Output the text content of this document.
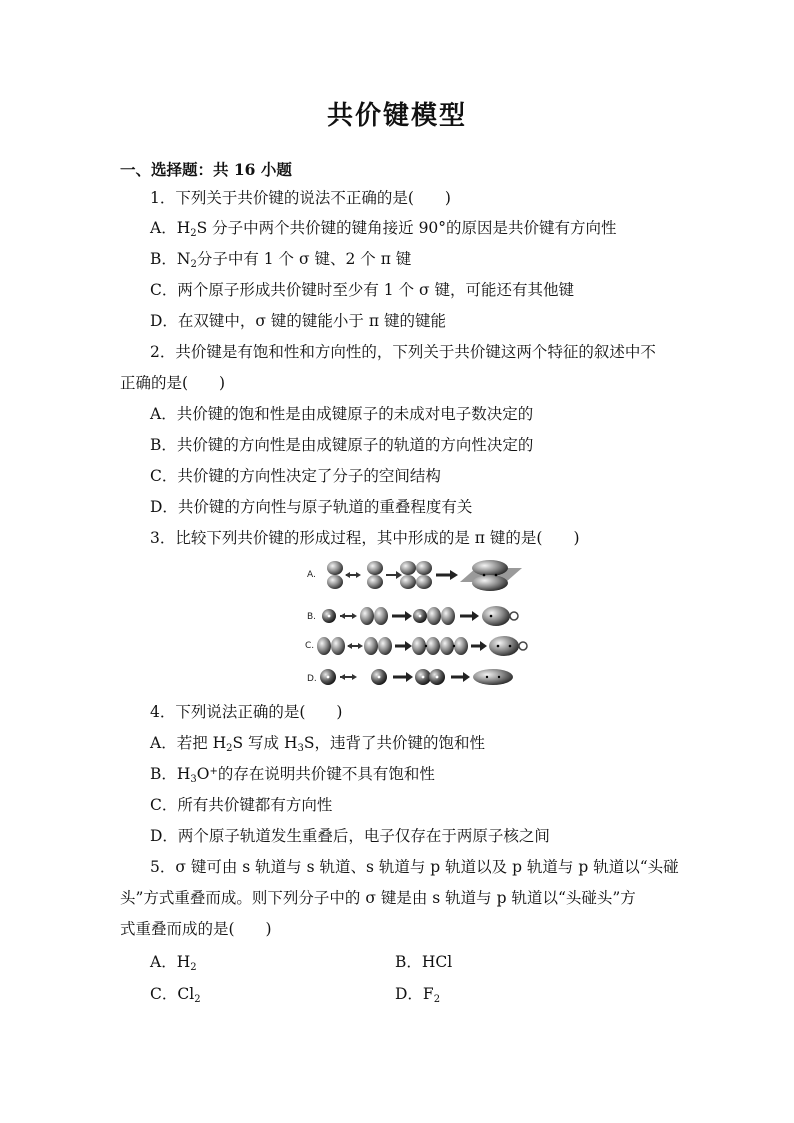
共价键模型
一、选择题：共 16 小题
1．下列关于共价键的说法不正确的是(　　)
A．$H_2S$ 分子中两个共价键的键角接近 90°的原因是共价键有方向性
B．$N_2$分子中有 1 个 σ 键、2 个 π 键
C．两个原子形成共价键时至少有 1 个 σ 键，可能还有其他键
D．在双键中，σ 键的键能小于 π 键的键能
2．共价键是有饱和性和方向性的，下列关于共价键这两个特征的叙述中不
正确的是(　　)
A．共价键的饱和性是由成键原子的未成对电子数决定的
B．共价键的方向性是由成键原子的轨道的方向性决定的
C．共价键的方向性决定了分子的空间结构
D．共价键的方向性与原子轨道的重叠程度有关
3．比较下列共价键的形成过程，其中形成的是 π 键的是(　　)
A.
B.
C.
D.
4．下列说法正确的是(　　)
A．若把 $H_2S$ 写成 $H_3S$，违背了共价键的饱和性
B．$H_3O^+$的存在说明共价键不具有饱和性
C．所有共价键都有方向性
D．两个原子轨道发生重叠后，电子仅存在于两原子核之间
5．σ 键可由 s 轨道与 s 轨道、s 轨道与 p 轨道以及 p 轨道与 p 轨道以“头碰
头”方式重叠而成。则下列分子中的 σ 键是由 s 轨道与 p 轨道以“头碰头”方
式重叠而成的是(　　)
A．$H_2$	B．HCl
C．$Cl_2$	D．$F_2$
